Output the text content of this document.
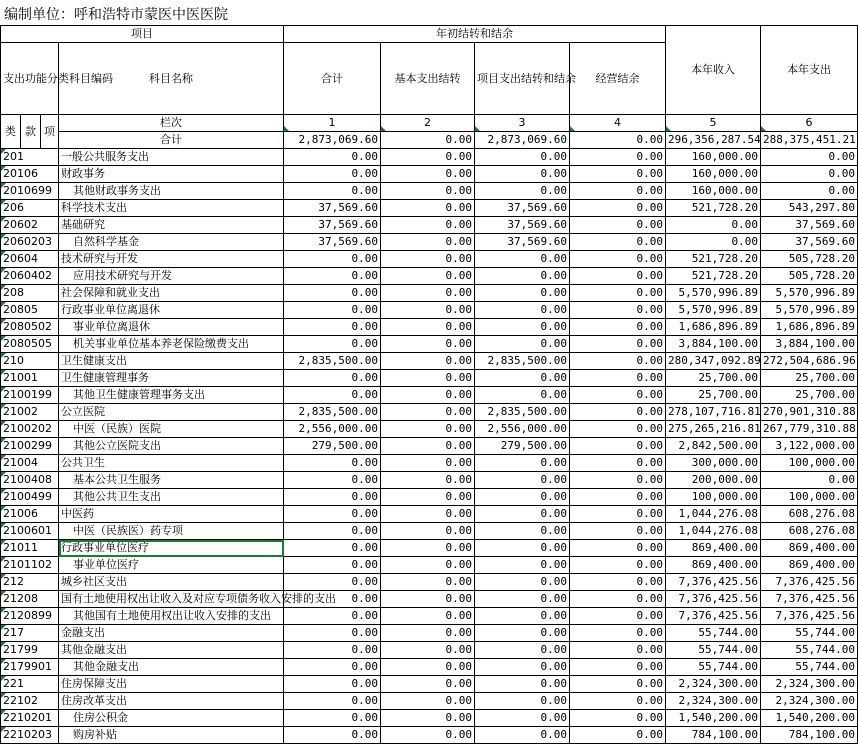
编制单位：呼和浩特市蒙医中医医院
项目				年初结转和结余				本年收入	本年支出
支出功能分类科目编码			科目名称	合计	基本支出结转	项目支出结转和结余	经营结余		

类	款	项	栏次	1	2	3	4	5	6
			合计	2,873,069.60	0.00	2,873,069.60	0.00	296,356,287.54	288,375,451.21
201			一般公共服务支出	0.00	0.00	0.00	0.00	160,000.00	0.00
20106			财政事务	0.00	0.00	0.00	0.00	160,000.00	0.00
2010699			其他财政事务支出	0.00	0.00	0.00	0.00	160,000.00	0.00
206			科学技术支出	37,569.60	0.00	37,569.60	0.00	521,728.20	543,297.80
20602			基础研究	37,569.60	0.00	37,569.60	0.00	0.00	37,569.60
2060203			自然科学基金	37,569.60	0.00	37,569.60	0.00	0.00	37,569.60
20604			技术研究与开发	0.00	0.00	0.00	0.00	521,728.20	505,728.20
2060402			应用技术研究与开发	0.00	0.00	0.00	0.00	521,728.20	505,728.20
208			社会保障和就业支出	0.00	0.00	0.00	0.00	5,570,996.89	5,570,996.89
20805			行政事业单位离退休	0.00	0.00	0.00	0.00	5,570,996.89	5,570,996.89
2080502			事业单位离退休	0.00	0.00	0.00	0.00	1,686,896.89	1,686,896.89
2080505			机关事业单位基本养老保险缴费支出	0.00	0.00	0.00	0.00	3,884,100.00	3,884,100.00
210			卫生健康支出	2,835,500.00	0.00	2,835,500.00	0.00	280,347,092.89	272,504,686.96
21001			卫生健康管理事务	0.00	0.00	0.00	0.00	25,700.00	25,700.00
2100199			其他卫生健康管理事务支出	0.00	0.00	0.00	0.00	25,700.00	25,700.00
21002			公立医院	2,835,500.00	0.00	2,835,500.00	0.00	278,107,716.81	270,901,310.88
2100202			中医（民族）医院	2,556,000.00	0.00	2,556,000.00	0.00	275,265,216.81	267,779,310.88
2100299			其他公立医院支出	279,500.00	0.00	279,500.00	0.00	2,842,500.00	3,122,000.00
21004			公共卫生	0.00	0.00	0.00	0.00	300,000.00	100,000.00
2100408			基本公共卫生服务	0.00	0.00	0.00	0.00	200,000.00	0.00
2100499			其他公共卫生支出	0.00	0.00	0.00	0.00	100,000.00	100,000.00
21006			中医药	0.00	0.00	0.00	0.00	1,044,276.08	608,276.08
2100601			中医（民族医）药专项	0.00	0.00	0.00	0.00	1,044,276.08	608,276.08
21011			行政事业单位医疗	0.00	0.00	0.00	0.00	869,400.00	869,400.00
2101102			事业单位医疗	0.00	0.00	0.00	0.00	869,400.00	869,400.00
212			城乡社区支出	0.00	0.00	0.00	0.00	7,376,425.56	7,376,425.56
21208			国有土地使用权出让收入及对应专项债务收入安排的支出	0.00	0.00	0.00	0.00	7,376,425.56	7,376,425.56
2120899			其他国有土地使用权出让收入安排的支出	0.00	0.00	0.00	0.00	7,376,425.56	7,376,425.56
217			金融支出	0.00	0.00	0.00	0.00	55,744.00	55,744.00
21799			其他金融支出	0.00	0.00	0.00	0.00	55,744.00	55,744.00
2179901			其他金融支出	0.00	0.00	0.00	0.00	55,744.00	55,744.00
221			住房保障支出	0.00	0.00	0.00	0.00	2,324,300.00	2,324,300.00
22102			住房改革支出	0.00	0.00	0.00	0.00	2,324,300.00	2,324,300.00
2210201			住房公积金	0.00	0.00	0.00	0.00	1,540,200.00	1,540,200.00
2210203			购房补贴	0.00	0.00	0.00	0.00	784,100.00	784,100.00
